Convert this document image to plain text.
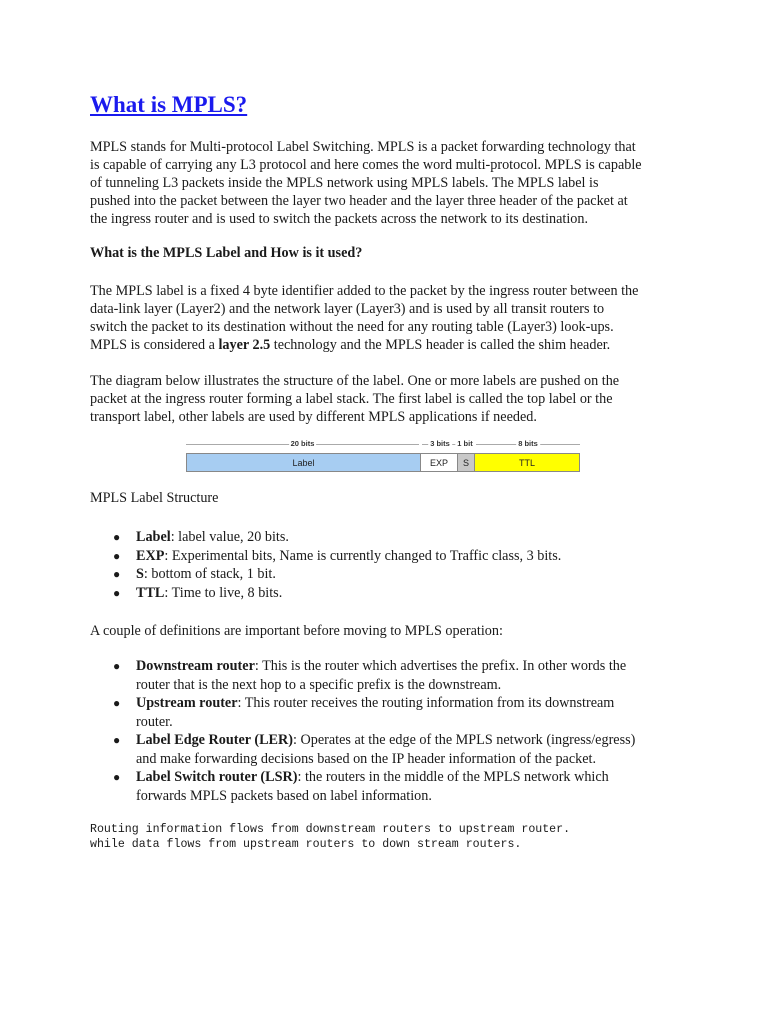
What is MPLS?

MPLS stands for Multi-protocol Label Switching. MPLS is a packet forwarding technology that
is capable of carrying any L3 protocol and here comes the word multi-protocol. MPLS is capable
of tunneling L3 packets inside the MPLS network using MPLS labels. The MPLS label is
pushed into the packet between the layer two header and the layer three header of the packet at
the ingress router and is used to switch the packets across the network to its destination.

What is the MPLS Label and How is it used?

The MPLS label is a fixed 4 byte identifier added to the packet by the ingress router between the
data-link layer (Layer2) and the network layer (Layer3) and is used by all transit routers to
switch the packet to its destination without the need for any routing table (Layer3) look-ups.
MPLS is considered a layer 2.5 technology and the MPLS header is called the shim header.

The diagram below illustrates the structure of the label. One or more labels are pushed on the
packet at the ingress router forming a label stack. The first label is called the top label or the
transport label, other labels are used by different MPLS applications if needed.

20 bits	3 bits 1 bit	8 bits
Label	EXP	S	TTL

MPLS Label Structure

● Label: label value, 20 bits.
● EXP: Experimental bits, Name is currently changed to Traffic class, 3 bits.
● S: bottom of stack, 1 bit.
● TTL: Time to live, 8 bits.

A couple of definitions are important before moving to MPLS operation:

● Downstream router: This is the router which advertises the prefix. In other words the
router that is the next hop to a specific prefix is the downstream.
● Upstream router: This router receives the routing information from its downstream
router.
● Label Edge Router (LER): Operates at the edge of the MPLS network (ingress/egress)
and make forwarding decisions based on the IP header information of the packet.
● Label Switch router (LSR): the routers in the middle of the MPLS network which
forwards MPLS packets based on label information.
Routing information flows from downstream routers to upstream router.
while data flows from upstream routers to down stream routers.
